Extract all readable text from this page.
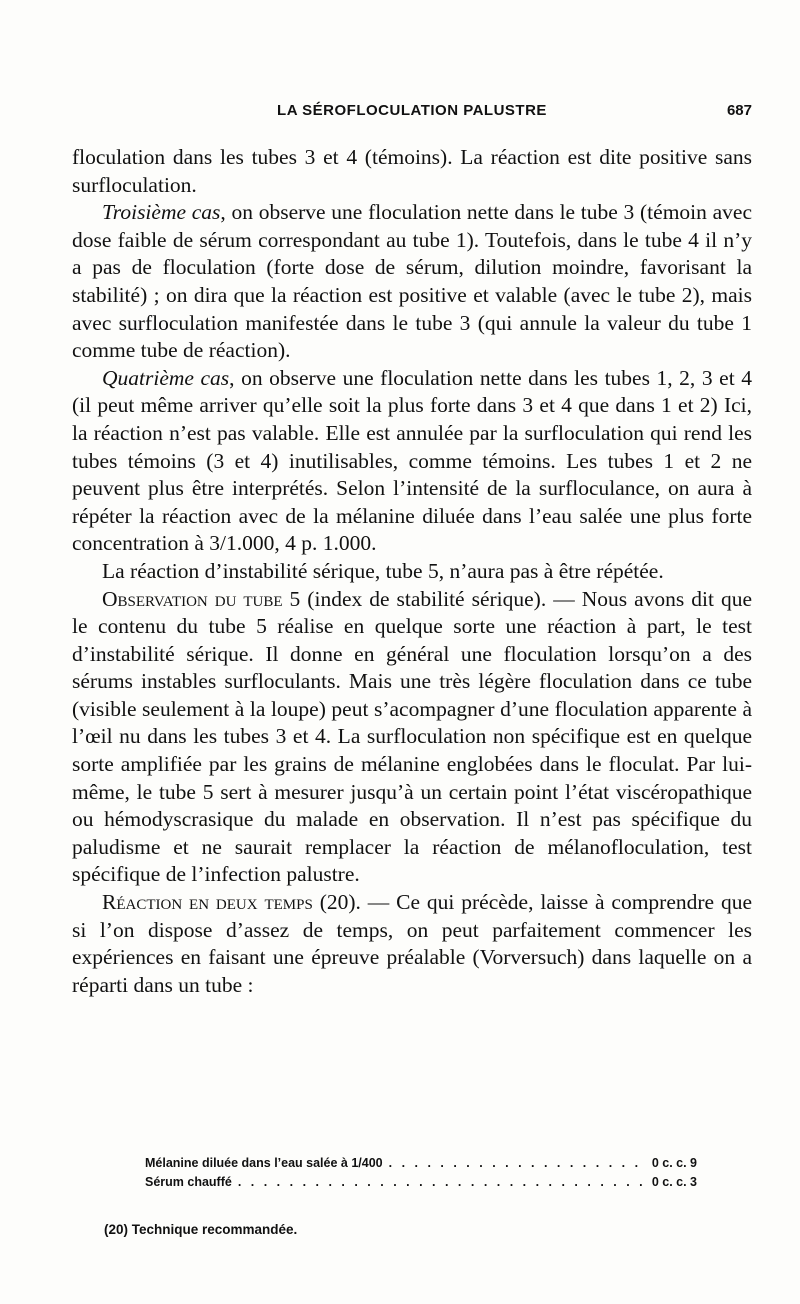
LA SÉROFLOCULATION PALUSTRE	687

floculation dans les tubes 3 et 4 (témoins). La réaction est dite positive sans surfloculation.

Troisième cas, on observe une floculation nette dans le tube 3 (témoin avec dose faible de sérum correspondant au tube 1). Toutefois, dans le tube 4 il n’y a pas de floculation (forte dose de sérum, dilution moindre, favorisant la stabilité) ; on dira que la réaction est positive et valable (avec le tube 2), mais avec surfloculation manifestée dans le tube 3 (qui annule la valeur du tube 1 comme tube de réaction).

Quatrième cas, on observe une floculation nette dans les tubes 1, 2, 3 et 4 (il peut même arriver qu’elle soit la plus forte dans 3 et 4 que dans 1 et 2) Ici, la réaction n’est pas valable. Elle est annulée par la surfloculation qui rend les tubes témoins (3 et 4) inutilisables, comme témoins. Les tubes 1 et 2 ne peuvent plus être interprétés. Selon l’intensité de la surfloculance, on aura à répéter la réaction avec de la mélanine diluée dans l’eau salée une plus forte concentration à 3/1.000, 4 p. 1.000.

La réaction d’instabilité sérique, tube 5, n’aura pas à être répétée.

Observation du tube 5 (index de stabilité sérique). — Nous avons dit que le contenu du tube 5 réalise en quelque sorte une réaction à part, le test d’instabilité sérique. Il donne en général une floculation lorsqu’on a des sérums instables surfloculants. Mais une très légère floculation dans ce tube (visible seulement à la loupe) peut s’acompagner d’une floculation apparente à l’œil nu dans les tubes 3 et 4. La surfloculation non spécifique est en quelque sorte amplifiée par les grains de mélanine englobées dans le floculat. Par lui-même, le tube 5 sert à mesurer jusqu’à un certain point l’état viscéropathique ou hémodyscrasique du malade en observation. Il n’est pas spécifique du paludisme et ne saurait remplacer la réaction de mélanofloculation, test spécifique de l’infection palustre.

Réaction en deux temps (20). — Ce qui précède, laisse à comprendre que si l’on dispose d’assez de temps, on peut parfaitement commencer les expériences en faisant une épreuve préalable (Vorversuch) dans laquelle on a réparti dans un tube :

Mélanine diluée dans l’eau salée à 1/400 . . .	0 c. c. 9
Sérum chauffé . . .	0 c. c. 3
(20) Technique recommandée.
